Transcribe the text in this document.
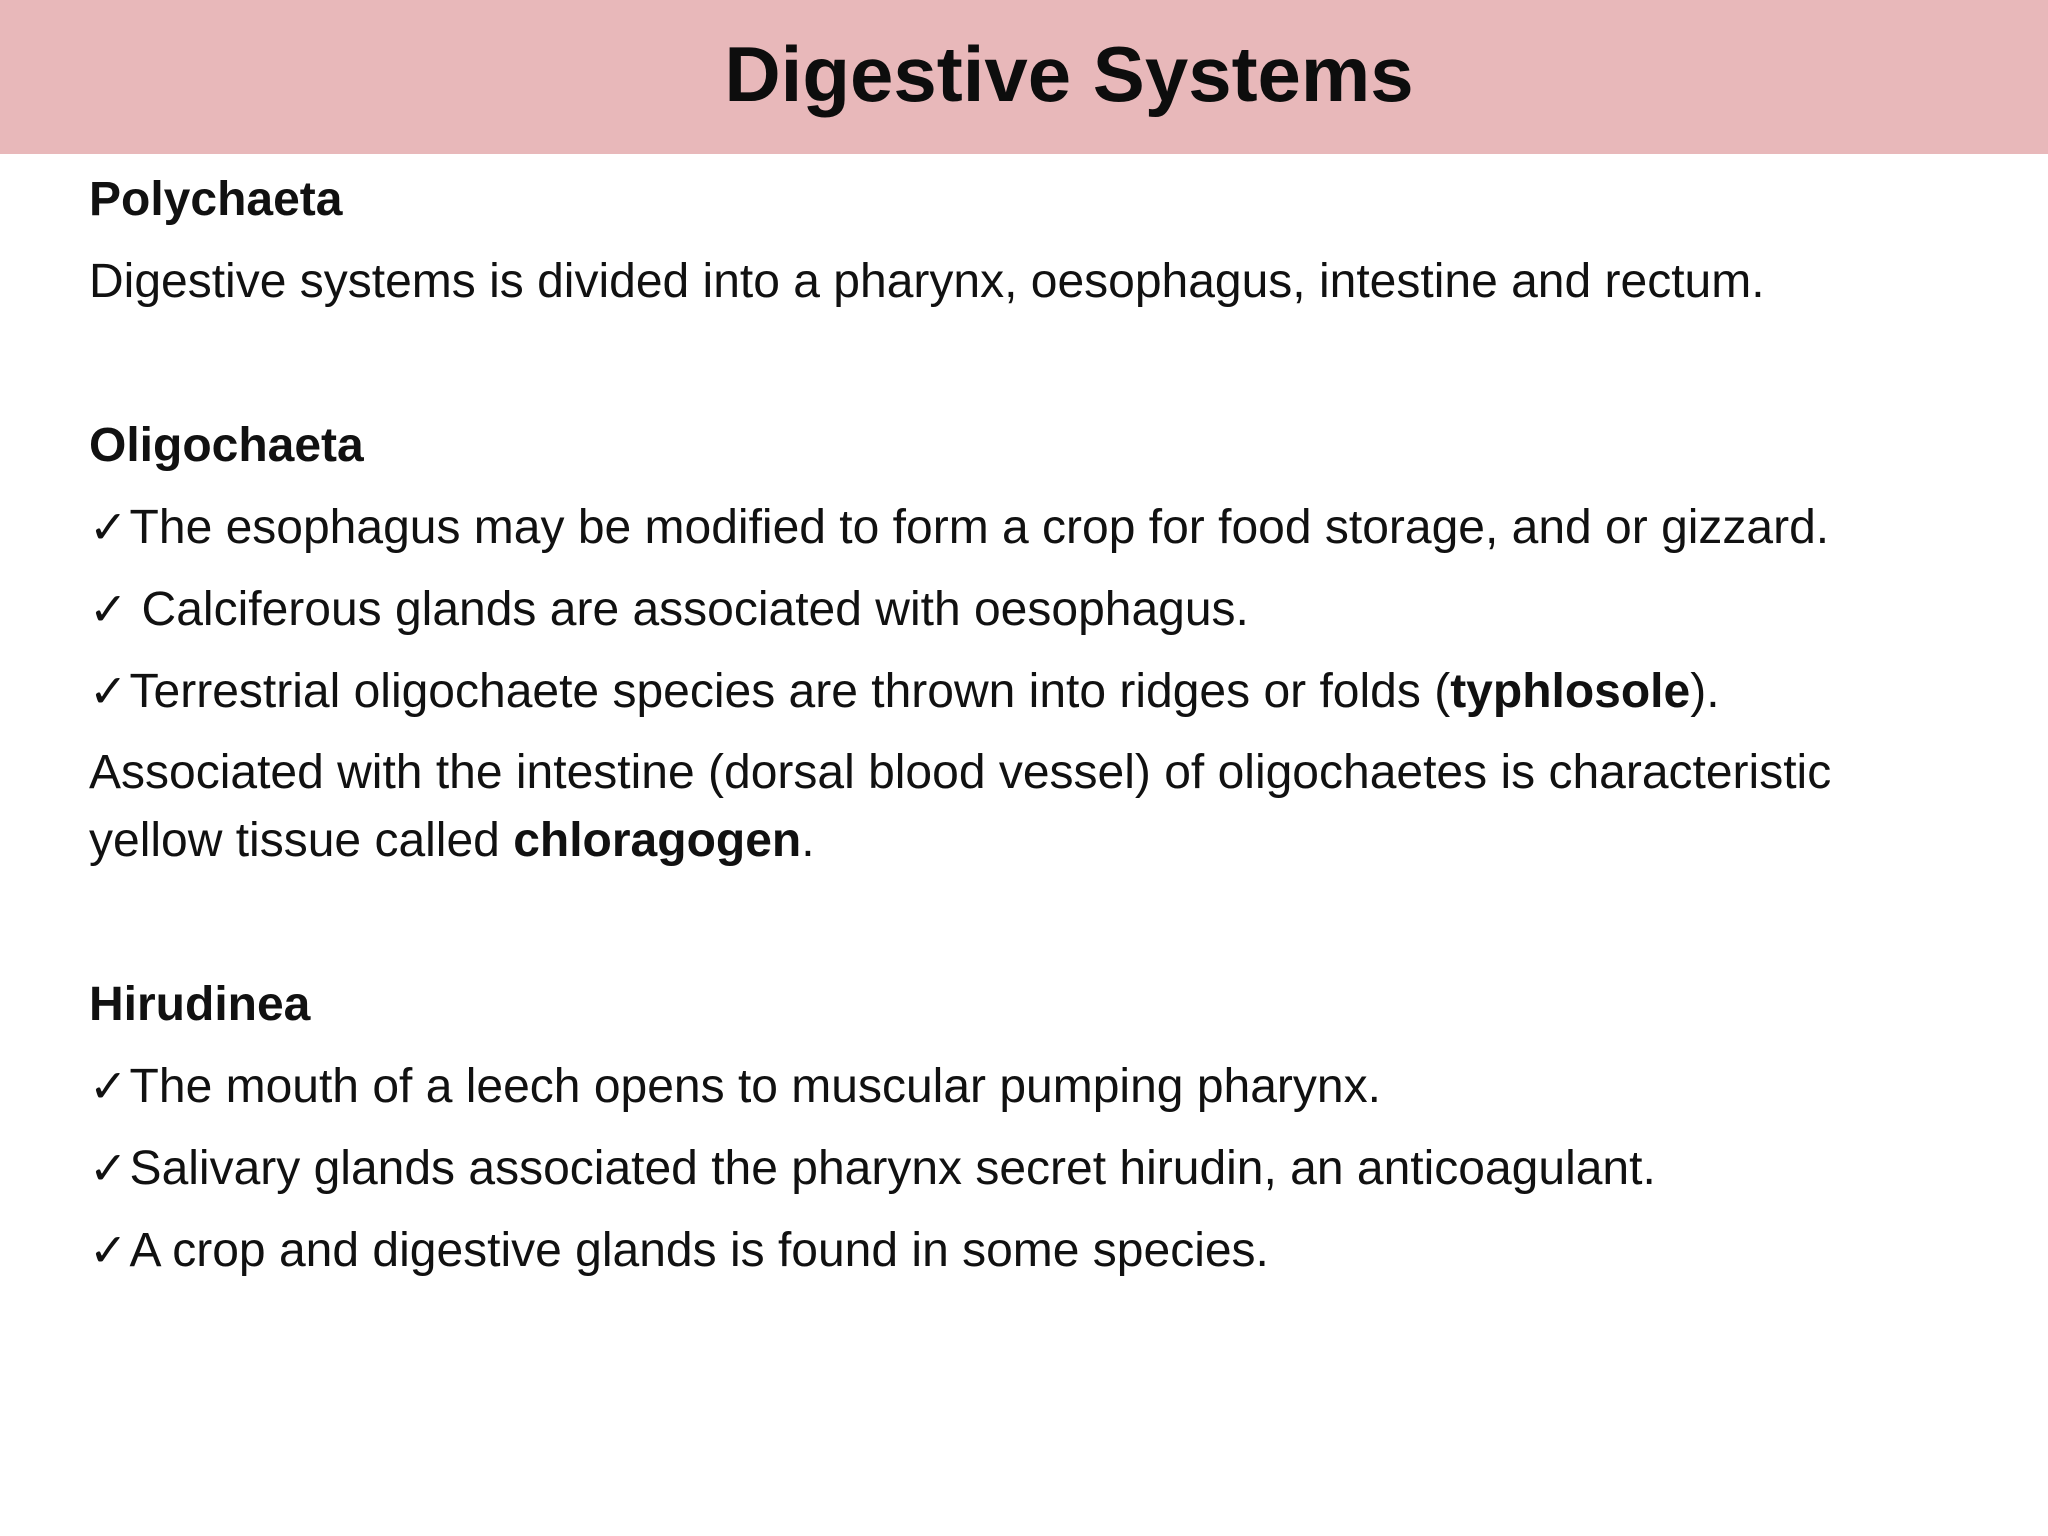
Digestive Systems
Polychaeta
Digestive systems is divided into a pharynx, oesophagus, intestine and rectum.
Oligochaeta
✓The esophagus may be modified to form a crop for food storage, and or gizzard.
✓ Calciferous glands are associated with oesophagus.
✓Terrestrial oligochaete species are thrown into ridges or folds (typhlosole).
Associated with the intestine (dorsal blood vessel) of oligochaetes is characteristic
yellow tissue called chloragogen.
Hirudinea
✓The mouth of a leech opens to muscular pumping pharynx.
✓Salivary glands associated the pharynx secret hirudin, an anticoagulant.
✓A crop and digestive glands is found in some species.
